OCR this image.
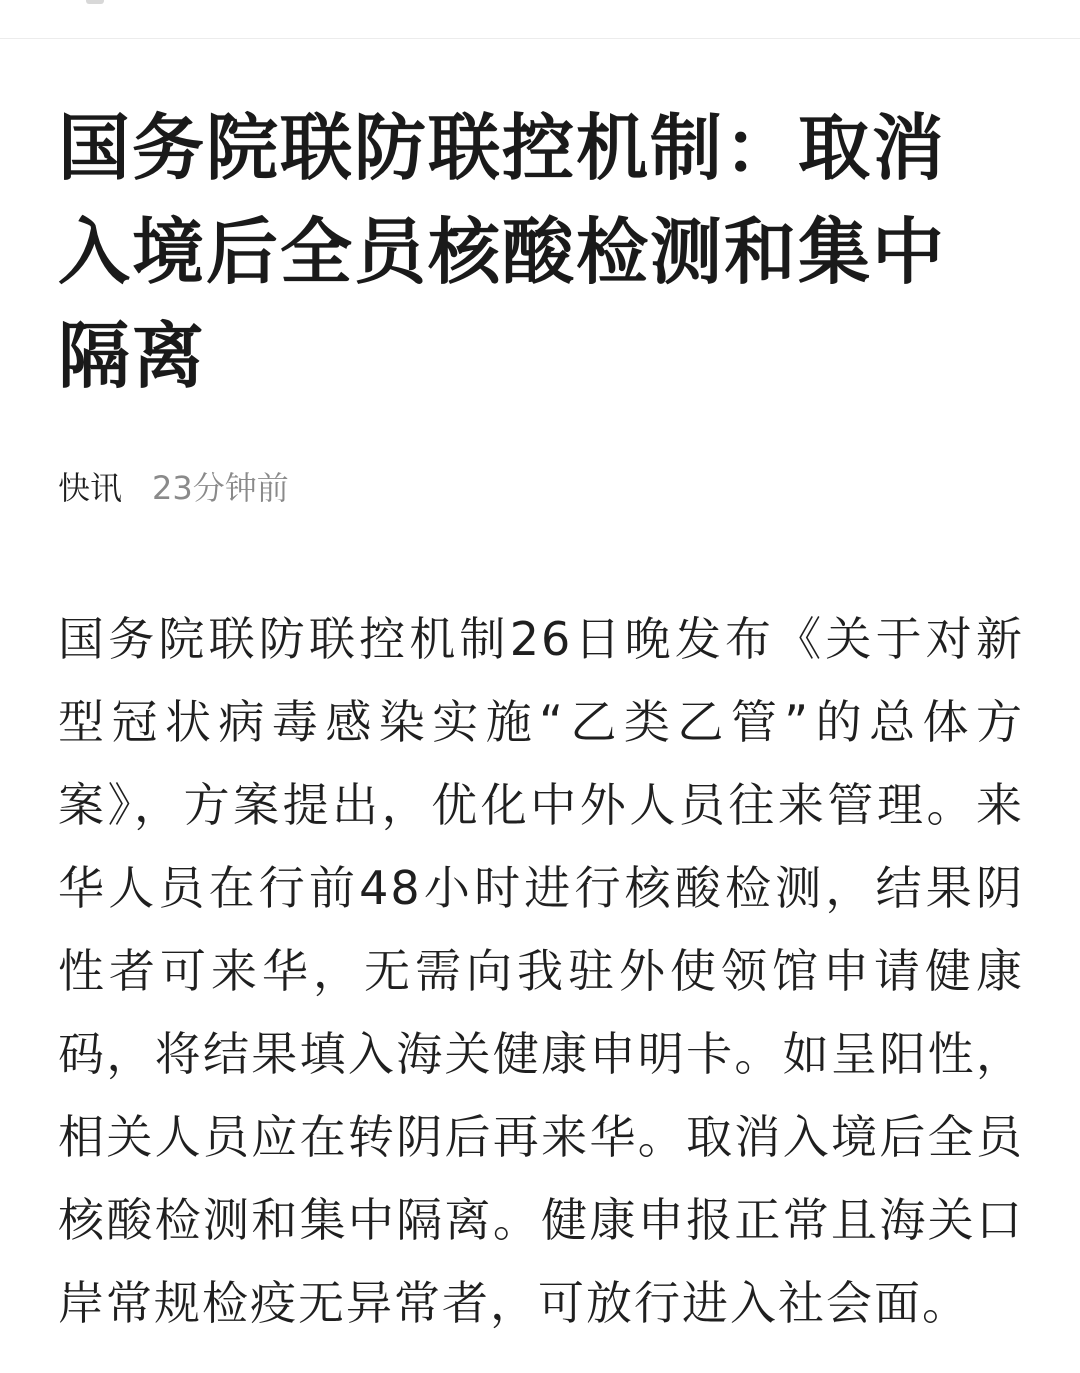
国务院联防联控机制：取消入境后全员核酸检测和集中隔离
快讯 23分钟前
国务院联防联控机制26日晚发布《关于对新型冠状病毒感染实施“乙类乙管”的总体方案》，方案提出，优化中外人员往来管理。来华人员在行前48小时进行核酸检测，结果阴性者可来华，无需向我驻外使领馆申请健康码，将结果填入海关健康申明卡。如呈阳性，相关人员应在转阴后再来华。取消入境后全员核酸检测和集中隔离。健康申报正常且海关口岸常规检疫无异常者，可放行进入社会面。
